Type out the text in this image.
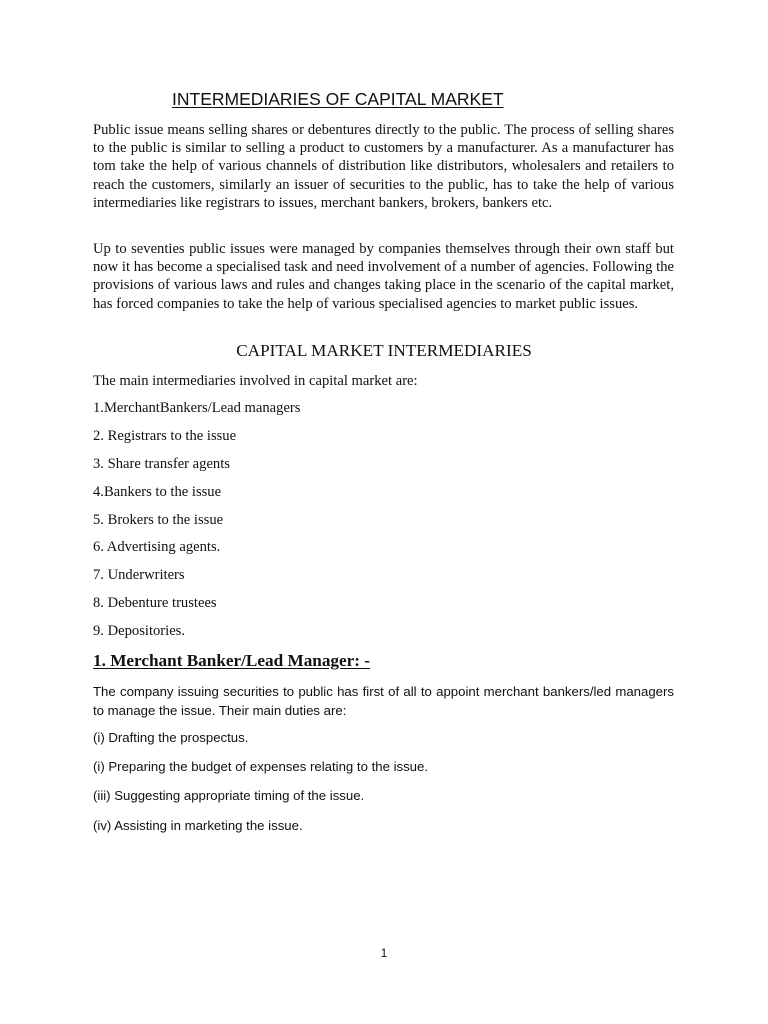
INTERMEDIARIES OF CAPITAL MARKET

Public issue means selling shares or debentures directly to the public. The process of selling shares to the public is similar to selling a product to customers by a manufacturer. As a manufacturer has tom take the help of various channels of distribution like distributors, wholesalers and retailers to reach the customers, similarly an issuer of securities to the public, has to take the help of various intermediaries like registrars to issues, merchant bankers, brokers, bankers etc.

Up to seventies public issues were managed by companies themselves through their own staff but now it has become a specialised task and need involvement of a number of agencies. Following the provisions of various laws and rules and changes taking place in the scenario of the capital market, has forced companies to take the help of various specialised agencies to market public issues.

CAPITAL MARKET INTERMEDIARIES

The main intermediaries involved in capital market are:

1.MerchantBankers/Lead managers
2. Registrars to the issue
3. Share transfer agents
4.Bankers to the issue
5. Brokers to the issue
6. Advertising agents.
7. Underwriters
8. Debenture trustees
9. Depositories.
1. Merchant Banker/Lead Manager: -

The company issuing securities to public has first of all to appoint merchant bankers/led managers to manage the issue. Their main duties are:

(i) Drafting the prospectus.
(i) Preparing the budget of expenses relating to the issue.
(iii) Suggesting appropriate timing of the issue.
(iv) Assisting in marketing the issue.

1
